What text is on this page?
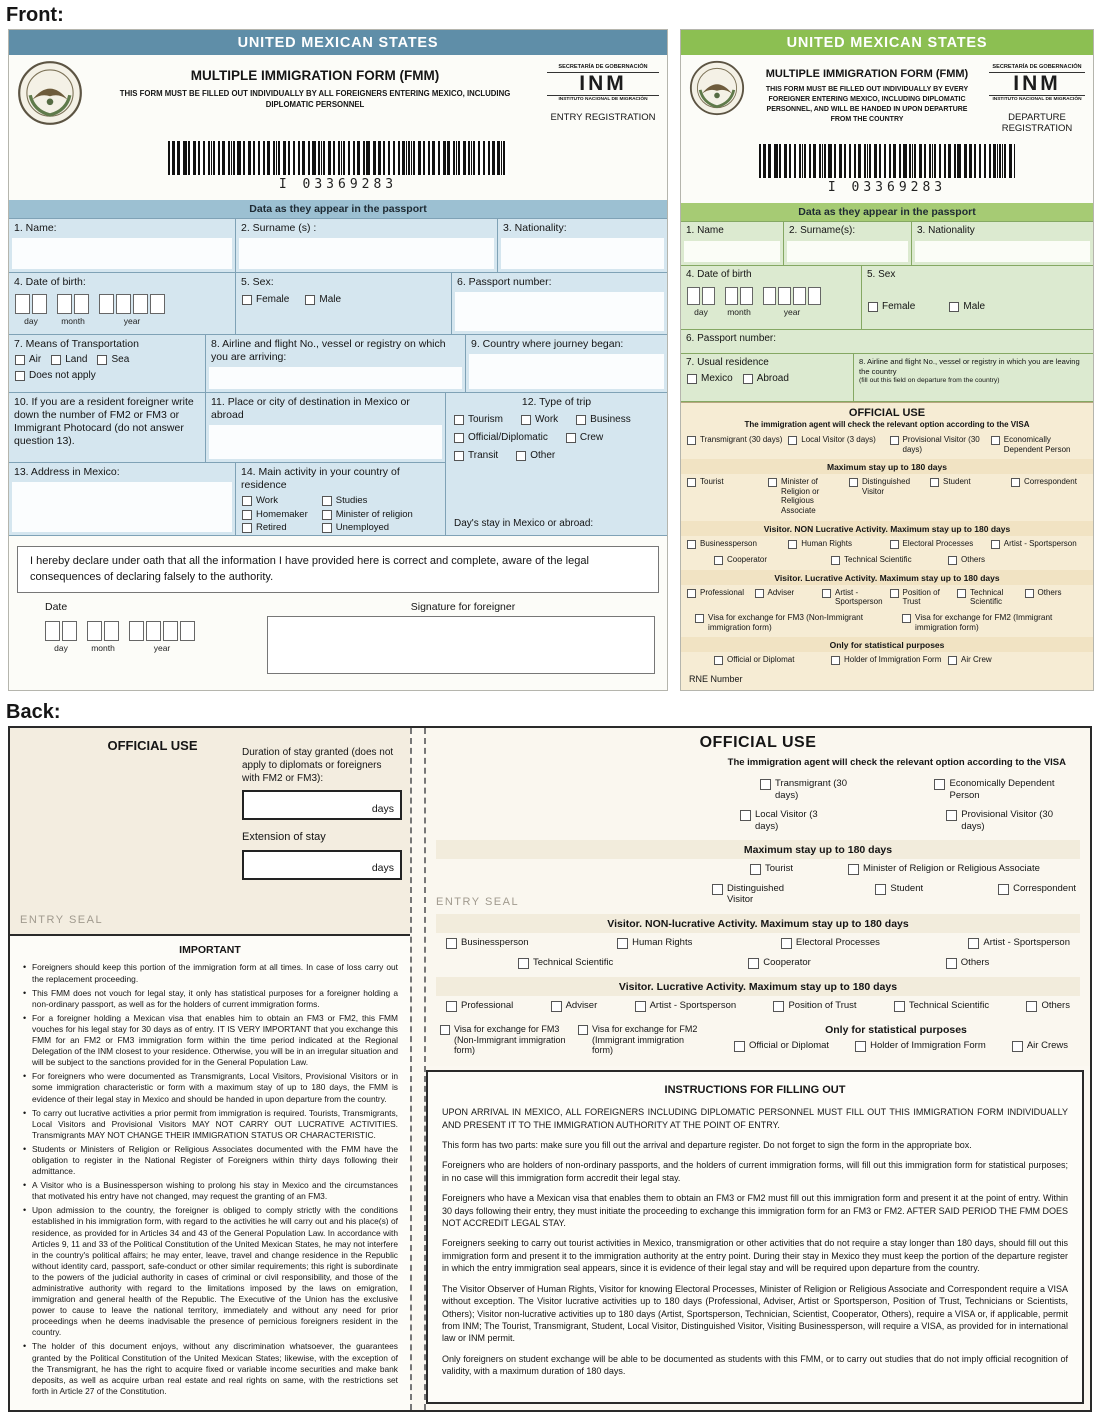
Front:
UNITED MEXICAN STATES
MULTIPLE IMMIGRATION FORM (FMM)
THIS FORM MUST BE FILLED OUT INDIVIDUALLY BY ALL FOREIGNERS ENTERING MEXICO, INCLUDING DIPLOMATIC PERSONNEL
SECRETARÍA DE GOBERNACIÓN
INM
INSTITUTO NACIONAL DE MIGRACIÓN
ENTRY REGISTRATION
I 03369283
Data as they appear in the passport
1. Name:	2. Surname (s) :	3. Nationality:
4. Date of birth:
day	month	year
5. Sex:
Female	Male
6. Passport number:
7. Means of Transportation
Air Land Sea
Does not apply
8. Airline and flight No., vessel or registry on which you are arriving:
9. Country where journey began:
10. If you are a resident foreigner write down the number of FM2 or FM3 or Immigrant Photocard (do not answer question 13).
11. Place or city of destination in Mexico or abroad
13. Address in Mexico:	14. Main activity in your country of residence
Work
Homemaker
Retired
Studies
Minister of religion
Unemployed
12. Type of trip
Tourism	Work	Business
Official/Diplomatic	Crew
Transit	Other
Day's stay in Mexico or abroad:
I hereby declare under oath that all the information I have provided here is correct and complete, aware of the legal consequences of declaring falsely to the authority.
Date
day	month	year
Signature for foreigner
UNITED MEXICAN STATES
MULTIPLE IMMIGRATION FORM (FMM)
THIS FORM MUST BE FILLED OUT INDIVIDUALLY BY EVERY FOREIGNER ENTERING MEXICO, INCLUDING DIPLOMATIC PERSONNEL, AND WILL BE HANDED IN UPON DEPARTURE FROM THE COUNTRY
SECRETARÍA DE GOBERNACIÓN
INM
INSTITUTO NACIONAL DE MIGRACIÓN
DEPARTURE REGISTRATION
I 03369283
Data as they appear in the passport
1. Name	2. Surname(s):	3. Nationality
4. Date of birth
day	month	year
5. Sex
Female	Male
6. Passport number:
7. Usual residence
Mexico Abroad
8. Airline and flight No., vessel or registry in which you are leaving the country
(fill out this field on departure from the country)
OFFICIAL USE
The immigration agent will check the relevant option according to the VISA
Transmigrant (30 days) Local Visitor (3 days)	Provisional Visitor (30 days)
Economically Dependent Person
Maximum stay up to 180 days
Tourist	Minister of Religion or Religious Associate
Distinguished Visitor
Student	Correspondent
Visitor. NON Lucrative Activity. Maximum stay up to 180 days
Businessperson	Human Rights	Electoral Processes	Artist - Sportsperson
Cooperator	Technical Scientific	Others
Visitor. Lucrative Activity. Maximum stay up to 180 days
Professional	Adviser	Artist - Sportsperson
Position of Trust
Technical Scientific
Others
Visa for exchange for FM3 (Non-Immigrant immigration form)
Visa for exchange for FM2 (Immigrant immigration form)
Only for statistical purposes
Official or Diplomat	Holder of Immigration Form Air Crew
RNE Number
Back:
OFFICIAL USE	Duration of stay granted (does not apply to diplomats or foreigners with FM2 or FM3):
days
Extension of stay
days
ENTRY SEAL
IMPORTANT
• Foreigners should keep this portion of the immigration form at all times. In case of loss carry out the replacement proceeding.
• This FMM does not vouch for legal stay, it only has statistical purposes for a foreigner holding a non-ordinary passport, as well as for the holders of current immigration forms.
• For a foreigner holding a Mexican visa that enables him to obtain an FM3 or FM2, this FMM vouches for his legal stay for 30 days as of entry. IT IS VERY IMPORTANT that you exchange this FMM for an FM2 or FM3 immigration form within the time period indicated at the Regional Delegation of the INM closest to your residence. Otherwise, you will be in an irregular situation and will be subject to the sanctions provided for in the General Population Law.
• For foreigners who were documented as Transmigrants, Local Visitors, Provisional Visitors or in some immigration characteristic or form with a maximum stay of up to 180 days, the FMM is evidence of their legal stay in Mexico and should be handed in upon departure from the country.
• To carry out lucrative activities a prior permit from immigration is required. Tourists, Transmigrants, Local Visitors and Provisional Visitors MAY NOT CARRY OUT LUCRATIVE ACTIVITIES. Transmigrants MAY NOT CHANGE THEIR IMMIGRATION STATUS OR CHARACTERISTIC.
• Students or Ministers of Religion or Religious Associates documented with the FMM have the obligation to register in the National Register of Foreigners within thirty days following their admittance.
• A Visitor who is a Businessperson wishing to prolong his stay in Mexico and the circumstances that motivated his entry have not changed, may request the granting of an FM3.
• Upon admission to the country, the foreigner is obliged to comply strictly with the conditions established in his immigration form, with regard to the activities he will carry out and his place(s) of residence, as provided for in Articles 34 and 43 of the General Population Law. In accordance with Articles 9, 11 and 33 of the Political Constitution of the United Mexican States, he may not interfere in the country's political affairs; he may enter, leave, travel and change residence in the Republic without identity card, passport, safe-conduct or other similar requirements; this right is subordinate to the powers of the judicial authority in cases of criminal or civil responsibility, and those of the administrative authority with regard to the limitations imposed by the laws on emigration, immigration and general health of the Republic. The Executive of the Union has the exclusive power to cause to leave the national territory, immediately and without any need for prior proceedings when he deems inadvisable the presence of pernicious foreigners resident in the country.
• The holder of this document enjoys, without any discrimination whatsoever, the guarantees granted by the Political Constitution of the United Mexican States; likewise, with the exception of the Transmigrant, he has the right to acquire fixed or variable income securities and make bank deposits, as well as acquire urban real estate and real rights on same, with the restrictions set forth in Article 27 of the Constitution.
OFFICIAL USE
The immigration agent will check the relevant option according to the VISA
Transmigrant (30 days)
Economically Dependent Person
Local Visitor (3 days)
Provisional Visitor (30 days)
Maximum stay up to 180 days
Tourist	Minister of Religion or Religious Associate
Distinguished Visitor
Student	Correspondent
Visitor. NON-lucrative Activity. Maximum stay up to 180 days
Businessperson	Human Rights	Electoral Processes	Artist - Sportsperson
Technical Scientific	Cooperator	Others
Visitor. Lucrative Activity. Maximum stay up to 180 days
Professional	Adviser	Artist - Sportsperson	Position of Trust	Technical Scientific	Others
Visa for exchange for FM3 (Non-Immigrant immigration form)
Visa for exchange for FM2 (Immigrant immigration form)
Only for statistical purposes
Official or Diplomat	Holder of Immigration Form	Air Crews
ENTRY SEAL
INSTRUCTIONS FOR FILLING OUT

UPON ARRIVAL IN MEXICO, ALL FOREIGNERS INCLUDING DIPLOMATIC PERSONNEL MUST FILL OUT THIS IMMIGRATION FORM INDIVIDUALLY AND PRESENT IT TO THE IMMIGRATION AUTHORITY AT THE POINT OF ENTRY.

This form has two parts: make sure you fill out the arrival and departure register. Do not forget to sign the form in the appropriate box.

Foreigners who are holders of non-ordinary passports, and the holders of current immigration forms, will fill out this immigration form for statistical purposes; in no case will this immigration form accredit their legal stay.

Foreigners who have a Mexican visa that enables them to obtain an FM3 or FM2 must fill out this immigration form and present it at the point of entry. Within 30 days following their entry, they must initiate the proceeding to exchange this immigration form for an FM3 or FM2. AFTER SAID PERIOD THE FMM DOES NOT ACCREDIT LEGAL STAY.

Foreigners seeking to carry out tourist activities in Mexico, transmigration or other activities that do not require a stay longer than 180 days, should fill out this immigration form and present it to the immigration authority at the entry point. During their stay in Mexico they must keep the portion of the departure register in which the entry immigration seal appears, since it is evidence of their legal stay and will be required upon departure from the country.

The Visitor Observer of Human Rights, Visitor for knowing Electoral Processes, Minister of Religion or Religious Associate and Correspondent require a VISA without exception. The Visitor lucrative activities up to 180 days (Professional, Adviser, Artist or Sportsperson, Position of Trust, Technicians or Scientists, Others); Visitor non-lucrative activities up to 180 days (Artist, Sportsperson, Technician, Scientist, Cooperator, Others), require a VISA or, if applicable, permit from INM; The Tourist, Transmigrant, Student, Local Visitor, Distinguished Visitor, Visiting Businessperson, will require a VISA, as provided for in international law or INM permit.

Only foreigners on student exchange will be able to be documented as students with this FMM, or to carry out studies that do not imply official recognition of validity, with a maximum duration of 180 days.
